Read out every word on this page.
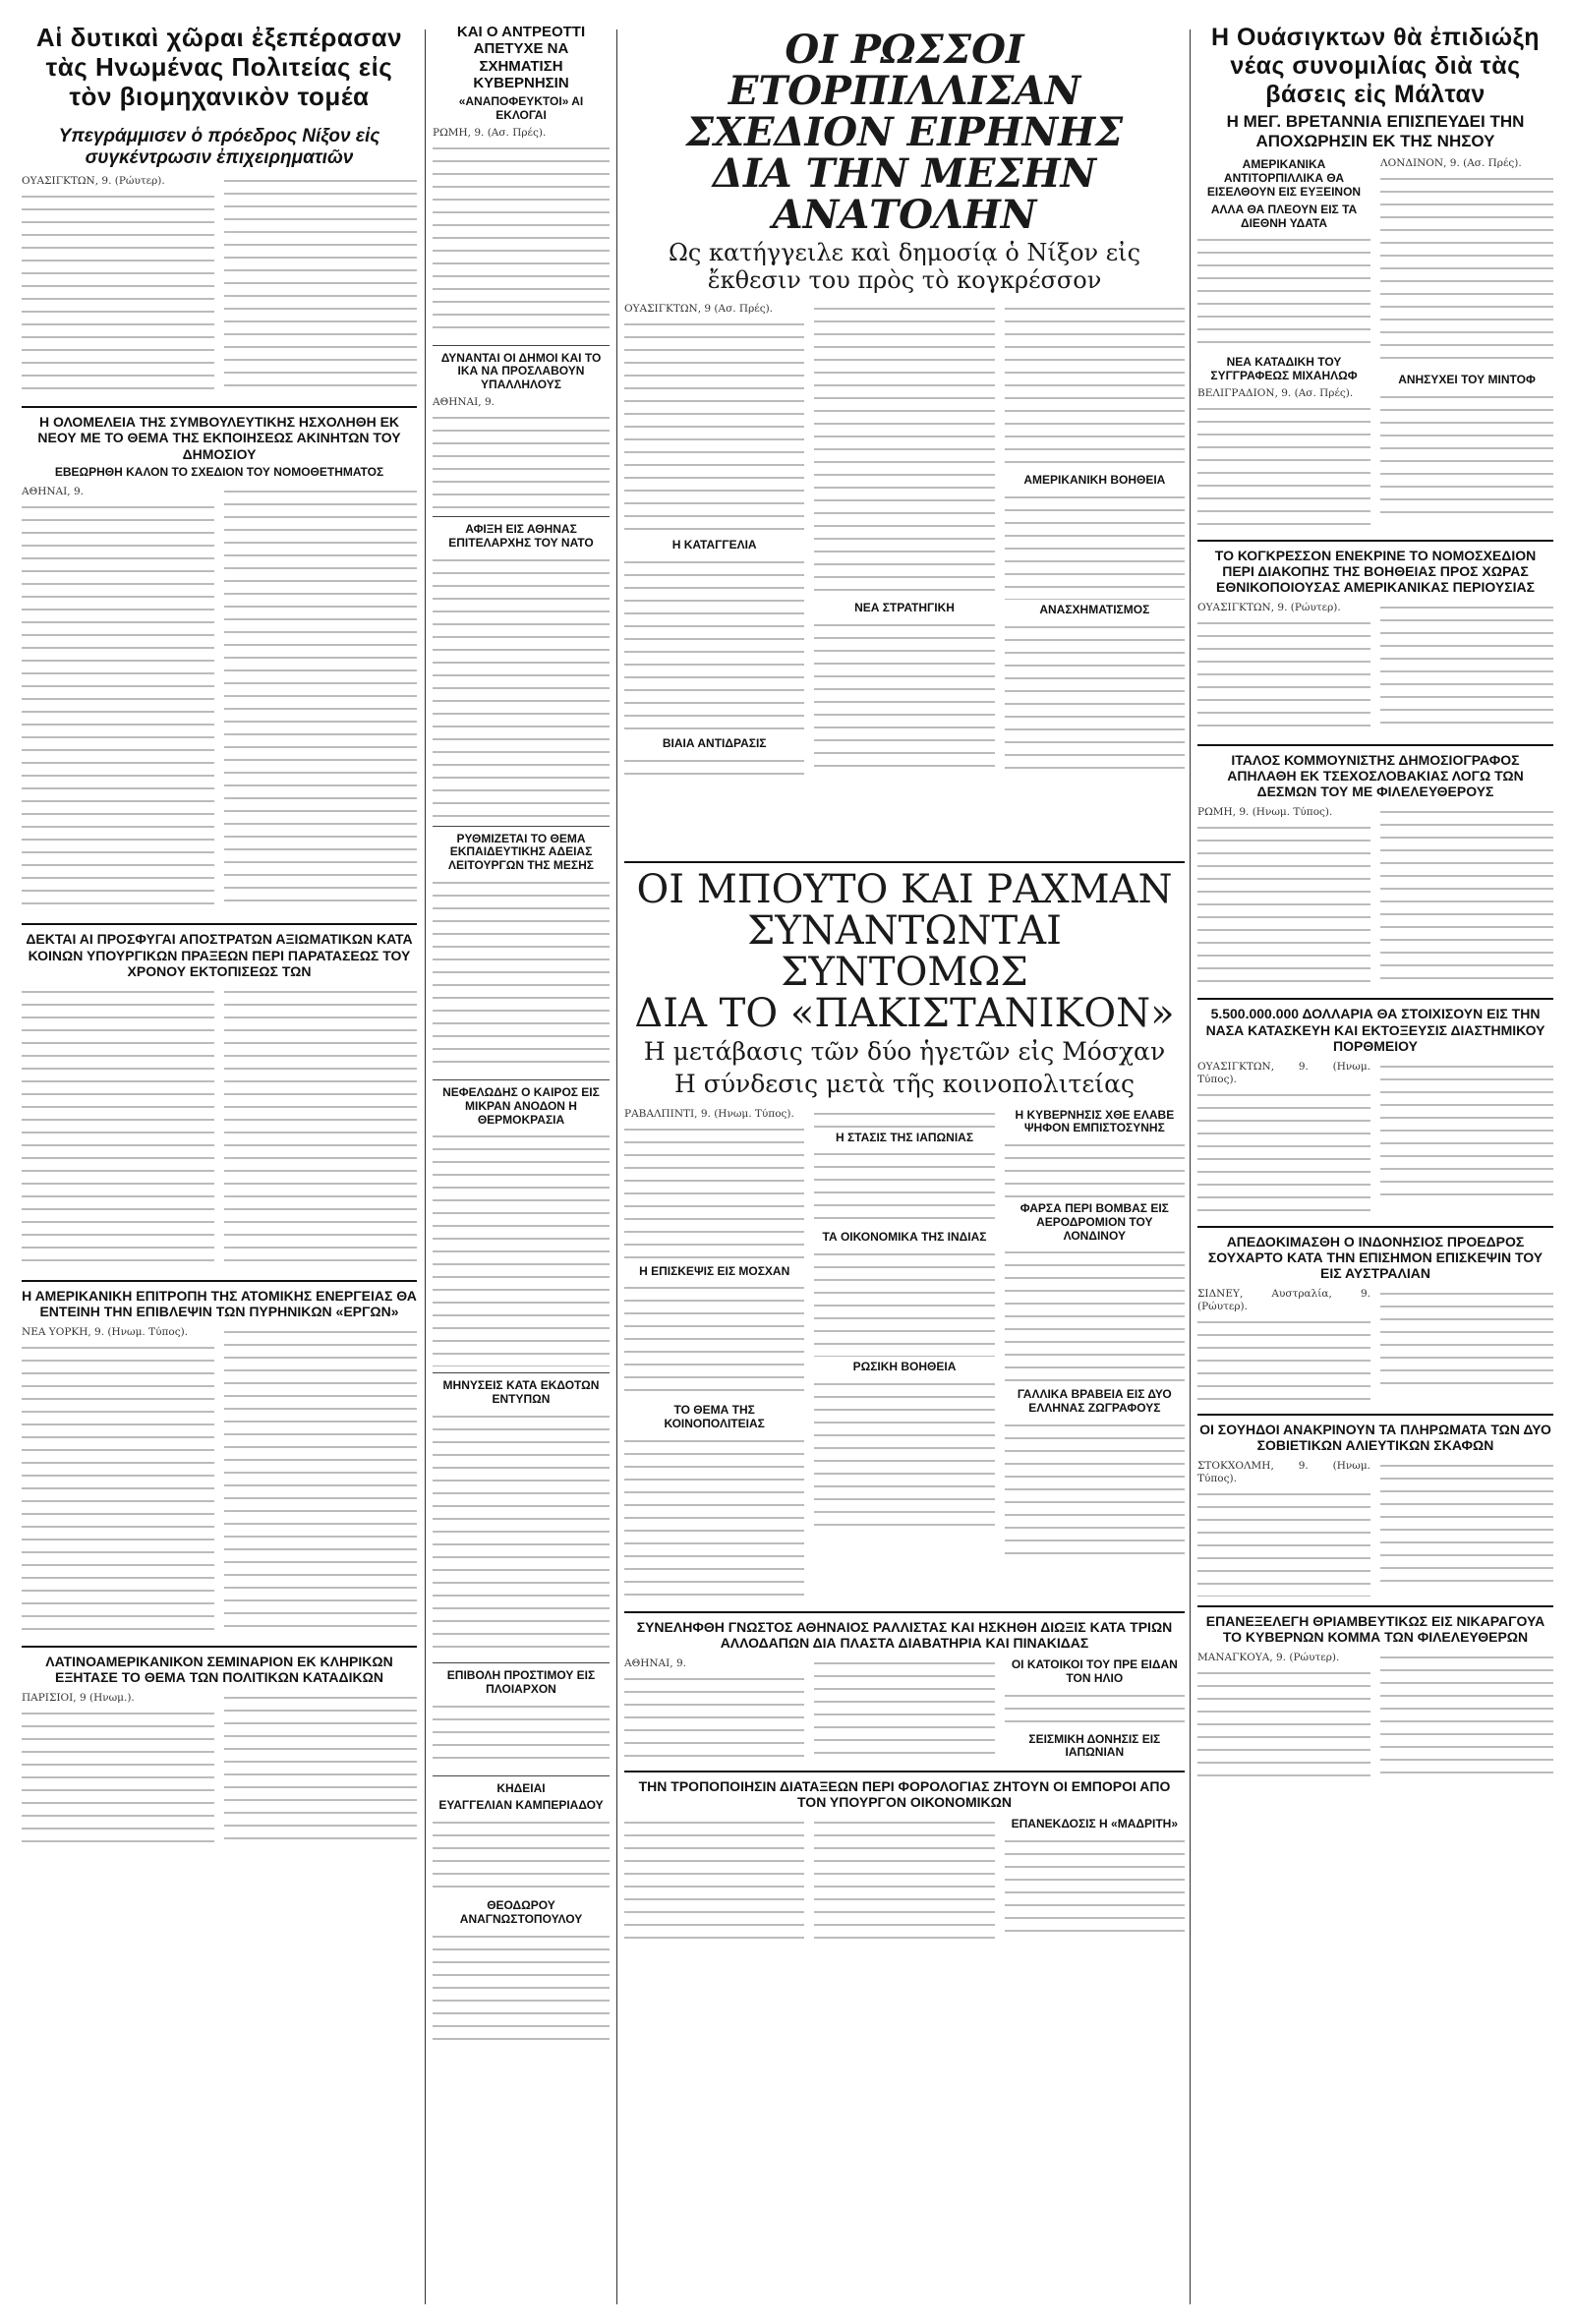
Αἱ δυτικαὶ χῶραι ἐξεπέρασαν τὰς Ηνωμένας Πολιτείας εἰς τὸν βιομηχανικὸν τομέα
Υπεγράμμισεν ὁ πρόεδρος Νίξον εἰς συγκέντρωσιν ἐπιχειρηματιῶν
ΟΥΑΣΙΓΚΤΩΝ, 9. (Ρώυτερ).
Η ΟΛΟΜΕΛΕΙΑ ΤΗΣ ΣΥΜΒΟΥΛΕΥΤΙΚΗΣ ΗΣΧΟΛΗΘΗ ΕΚ ΝΕΟΥ ΜΕ ΤΟ ΘΕΜΑ ΤΗΣ ΕΚΠΟΙΗΣΕΩΣ ΑΚΙΝΗΤΩΝ ΤΟΥ ΔΗΜΟΣΙΟΥ
ΕΒΕΩΡΗΘΗ ΚΑΛΟΝ ΤΟ ΣΧΕΔΙΟΝ ΤΟΥ ΝΟΜΟΘΕΤΗΜΑΤΟΣ
ΑΘΗΝΑΙ, 9.
ΔΕΚΤΑΙ ΑΙ ΠΡΟΣΦΥΓΑΙ ΑΠΟΣΤΡΑΤΩΝ ΑΞΙΩΜΑΤΙΚΩΝ ΚΑΤΑ ΚΟΙΝΩΝ ΥΠΟΥΡΓΙΚΩΝ ΠΡΑΞΕΩΝ ΠΕΡΙ ΠΑΡΑΤΑΣΕΩΣ ΤΟΥ ΧΡΟΝΟΥ ΕΚΤΟΠΙΣΕΩΣ ΤΩΝ
Η ΑΜΕΡΙΚΑΝΙΚΗ ΕΠΙΤΡΟΠΗ ΤΗΣ ΑΤΟΜΙΚΗΣ ΕΝΕΡΓΕΙΑΣ ΘΑ ΕΝΤΕΙΝΗ ΤΗΝ ΕΠΙΒΛΕΨΙΝ ΤΩΝ ΠΥΡΗΝΙΚΩΝ «ΕΡΓΩΝ»
ΝΕΑ ΥΟΡΚΗ, 9. (Ηνωμ. Τύπος).
ΛΑΤΙΝΟΑΜΕΡΙΚΑΝΙΚΟΝ ΣΕΜΙΝΑΡΙΟΝ ΕΚ ΚΛΗΡΙΚΩΝ ΕΞΗΤΑΣΕ ΤΟ ΘΕΜΑ ΤΩΝ ΠΟΛΙΤΙΚΩΝ ΚΑΤΑΔΙΚΩΝ
ΠΑΡΙΣΙΟΙ, 9 (Ηνωμ.).
ΚΑΙ Ο ΑΝΤΡΕΟΤΤΙ ΑΠΕΤΥΧΕ ΝΑ ΣΧΗΜΑΤΙΣΗ ΚΥΒΕΡΝΗΣΙΝ
«ΑΝΑΠΟΦΕΥΚΤΟΙ» ΑΙ ΕΚΛΟΓΑΙ
ΡΩΜΗ, 9. (Ασ. Πρές).
ΔΥΝΑΝΤΑΙ ΟΙ ΔΗΜΟΙ ΚΑΙ ΤΟ ΙΚΑ ΝΑ ΠΡΟΣΛΑΒΟΥΝ ΥΠΑΛΛΗΛΟΥΣ
ΑΘΗΝΑΙ, 9.
ΑΦΙΞΗ ΕΙΣ ΑΘΗΝΑΣ ΕΠΙΤΕΛΑΡΧΗΣ ΤΟΥ ΝΑΤΟ
ΡΥΘΜΙΖΕΤΑΙ ΤΟ ΘΕΜΑ ΕΚΠΑΙΔΕΥΤΙΚΗΣ ΑΔΕΙΑΣ ΛΕΙΤΟΥΡΓΩΝ ΤΗΣ ΜΕΣΗΣ
ΝΕΦΕΛΩΔΗΣ Ο ΚΑΙΡΟΣ ΕΙΣ ΜΙΚΡΑΝ ΑΝΟΔΟΝ Η ΘΕΡΜΟΚΡΑΣΙΑ
ΜΗΝΥΣΕΙΣ ΚΑΤΑ ΕΚΔΟΤΩΝ ΕΝΤΥΠΩΝ
ΕΠΙΒΟΛΗ ΠΡΟΣΤΙΜΟΥ ΕΙΣ ΠΛΟΙΑΡΧΟΝ
ΚΗΔΕΙΑΙ
ΕΥΑΓΓΕΛΙΑΝ ΚΑΜΠΕΡΙΑΔΟΥ
ΘΕΟΔΩΡΟΥ ΑΝΑΓΝΩΣΤΟΠΟΥΛΟΥ
ΟΙ ΡΩΣΣΟΙ ΕΤΟΡΠΙΛΛΙΣΑΝ
ΣΧΕΔΙΟΝ ΕΙΡΗΝΗΣ
ΔΙΑ ΤΗΝ ΜΕΣΗΝ ΑΝΑΤΟΛΗΝ
Ως κατήγγειλε καὶ δημοσίᾳ ὁ Νίξον εἰς ἔκθεσιν του πρὸς τὸ κογκρέσσον
ΟΥΑΣΙΓΚΤΩΝ, 9 (Ασ. Πρές).
Η ΚΑΤΑΓΓΕΛΙΑ
ΒΙΑΙΑ ΑΝΤΙΔΡΑΣΙΣ
ΝΕΑ ΣΤΡΑΤΗΓΙΚΗ
ΑΜΕΡΙΚΑΝΙΚΗ ΒΟΗΘΕΙΑ
ΑΝΑΣΧΗΜΑΤΙΣΜΟΣ
ΟΙ ΜΠΟΥΤΟ ΚΑΙ ΡΑΧΜΑΝ
ΣΥΝΑΝΤΩΝΤΑΙ ΣΥΝΤΟΜΩΣ
ΔΙΑ ΤΟ «ΠΑΚΙΣΤΑΝΙΚΟΝ»
Η μετάβασις τῶν δύο ἡγετῶν εἰς Μόσχαν
Η σύνδεσις μετὰ τῆς κοινοπολιτείας
ΡΑΒΑΛΠΙΝΤΙ, 9. (Ηνωμ. Τύπος).
Η ΕΠΙΣΚΕΨΙΣ ΕΙΣ ΜΟΣΧΑΝ
ΤΟ ΘΕΜΑ ΤΗΣ ΚΟΙΝΟΠΟΛΙΤΕΙΑΣ
Η ΣΤΑΣΙΣ ΤΗΣ ΙΑΠΩΝΙΑΣ
ΤΑ ΟΙΚΟΝΟΜΙΚΑ ΤΗΣ ΙΝΔΙΑΣ
ΡΩΣΙΚΗ ΒΟΗΘΕΙΑ
Η ΚΥΒΕΡΝΗΣΙΣ ΧΘΕ ΕΛΑΒΕ ΨΗΦΟΝ ΕΜΠΙΣΤΟΣΥΝΗΣ
ΦΑΡΣΑ ΠΕΡΙ ΒΟΜΒΑΣ ΕΙΣ ΑΕΡΟΔΡΟΜΙΟΝ ΤΟΥ ΛΟΝΔΙΝΟΥ
ΓΑΛΛΙΚΑ ΒΡΑΒΕΙΑ ΕΙΣ ΔΥΟ ΕΛΛΗΝΑΣ ΖΩΓΡΑΦΟΥΣ
ΣΥΝΕΛΗΦΘΗ ΓΝΩΣΤΟΣ ΑΘΗΝΑΙΟΣ ΡΑΛΛΙΣΤΑΣ ΚΑΙ ΗΣΚΗΘΗ ΔΙΩΞΙΣ ΚΑΤΑ ΤΡΙΩΝ ΑΛΛΟΔΑΠΩΝ ΔΙΑ ΠΛΑΣΤΑ ΔΙΑΒΑΤΗΡΙΑ ΚΑΙ ΠΙΝΑΚΙΔΑΣ
ΑΘΗΝΑΙ, 9.	ΟΙ ΚΑΤΟΙΚΟΙ ΤΟΥ ΠΡΕ ΕΙΔΑΝ ΤΟΝ ΗΛΙΟ
ΣΕΙΣΜΙΚΗ ΔΟΝΗΣΙΣ ΕΙΣ ΙΑΠΩΝΙΑΝ
ΤΗΝ ΤΡΟΠΟΠΟΙΗΣΙΝ ΔΙΑΤΑΞΕΩΝ ΠΕΡΙ ΦΟΡΟΛΟΓΙΑΣ ΖΗΤΟΥΝ ΟΙ ΕΜΠΟΡΟΙ ΑΠΟ ΤΟΝ ΥΠΟΥΡΓΟΝ ΟΙΚΟΝΟΜΙΚΩΝ
ΕΠΑΝΕΚΔΟΣΙΣ Η «ΜΑΔΡΙΤΗ»
Η Ουάσιγκτων θὰ ἐπιδιώξη νέας συνομιλίας διὰ τὰς βάσεις εἰς Μάλταν
Η ΜΕΓ. ΒΡΕΤΑΝΝΙΑ ΕΠΙΣΠΕΥΔΕΙ ΤΗΝ ΑΠΟΧΩΡΗΣΙΝ ΕΚ ΤΗΣ ΝΗΣΟΥ
ΑΜΕΡΙΚΑΝΙΚΑ ΑΝΤΙΤΟΡΠΙΛΛΙΚΑ ΘΑ ΕΙΣΕΛΘΟΥΝ ΕΙΣ ΕΥΞΕΙΝΟΝ
ΑΛΛΑ ΘΑ ΠΛΕΟΥΝ ΕΙΣ ΤΑ ΔΙΕΘΝΗ ΥΔΑΤΑ
ΝΕΑ ΚΑΤΑΔΙΚΗ ΤΟΥ ΣΥΓΓΡΑΦΕΩΣ ΜΙΧΑΗΛΩΦ
ΒΕΛΙΓΡΑΔΙΟΝ, 9. (Ασ. Πρές).
ΛΟΝΔΙΝΟΝ, 9. (Ασ. Πρές).
ΑΝΗΣΥΧΕΙ ΤΟΥ ΜΙΝΤΟΦ
ΤΟ ΚΟΓΚΡΕΣΣΟΝ ΕΝΕΚΡΙΝΕ ΤΟ ΝΟΜΟΣΧΕΔΙΟΝ ΠΕΡΙ ΔΙΑΚΟΠΗΣ ΤΗΣ ΒΟΗΘΕΙΑΣ ΠΡΟΣ ΧΩΡΑΣ ΕΘΝΙΚΟΠΟΙΟΥΣΑΣ ΑΜΕΡΙΚΑΝΙΚΑΣ ΠΕΡΙΟΥΣΙΑΣ
ΟΥΑΣΙΓΚΤΩΝ, 9. (Ρώυτερ).
ΙΤΑΛΟΣ ΚΟΜΜΟΥΝΙΣΤΗΣ ΔΗΜΟΣΙΟΓΡΑΦΟΣ ΑΠΗΛΑΘΗ ΕΚ ΤΣΕΧΟΣΛΟΒΑΚΙΑΣ ΛΟΓΩ ΤΩΝ ΔΕΣΜΩΝ ΤΟΥ ΜΕ ΦΙΛΕΛΕΥΘΕΡΟΥΣ
ΡΩΜΗ, 9. (Ηνωμ. Τύπος).
5.500.000.000 ΔΟΛΛΑΡΙΑ ΘΑ ΣΤΟΙΧΙΣΟΥΝ ΕΙΣ ΤΗΝ ΝΑΣΑ ΚΑΤΑΣΚΕΥΗ ΚΑΙ ΕΚΤΟΞΕΥΣΙΣ ΔΙΑΣΤΗΜΙΚΟΥ ΠΟΡΘΜΕΙΟΥ
ΟΥΑΣΙΓΚΤΩΝ, 9. (Ηνωμ. Τύπος).
ΑΠΕΔΟΚΙΜΑΣΘΗ Ο ΙΝΔΟΝΗΣΙΟΣ ΠΡΟΕΔΡΟΣ ΣΟΥΧΑΡΤΟ ΚΑΤΑ ΤΗΝ ΕΠΙΣΗΜΟΝ ΕΠΙΣΚΕΨΙΝ ΤΟΥ ΕΙΣ ΑΥΣΤΡΑΛΙΑΝ
ΣΙΔΝΕΥ, Αυστραλία, 9. (Ρώυτερ).
ΟΙ ΣΟΥΗΔΟΙ ΑΝΑΚΡΙΝΟΥΝ ΤΑ ΠΛΗΡΩΜΑΤΑ ΤΩΝ ΔΥΟ ΣΟΒΙΕΤΙΚΩΝ ΑΛΙΕΥΤΙΚΩΝ ΣΚΑΦΩΝ
ΣΤΟΚΧΟΛΜΗ, 9. (Ηνωμ. Τύπος).
ΕΠΑΝΕΞΕΛΕΓΗ ΘΡΙΑΜΒΕΥΤΙΚΩΣ ΕΙΣ ΝΙΚΑΡΑΓΟΥΑ ΤΟ ΚΥΒΕΡΝΩΝ ΚΟΜΜΑ ΤΩΝ ΦΙΛΕΛΕΥΘΕΡΩΝ
ΜΑΝΑΓΚΟΥΑ, 9. (Ρώυτερ).
